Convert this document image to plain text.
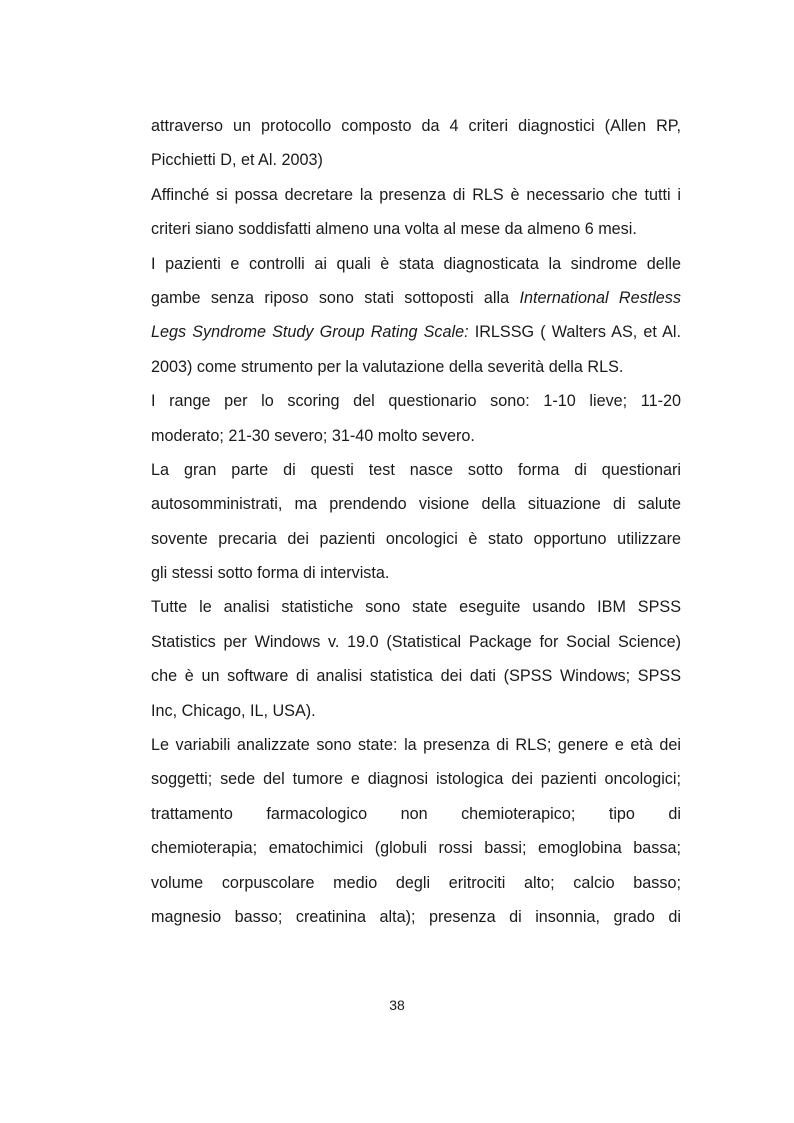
attraverso un protocollo composto da 4 criteri diagnostici (Allen RP,
Picchietti D, et Al. 2003)

Affinché si possa decretare la presenza di RLS è necessario che tutti i
criteri siano soddisfatti almeno una volta al mese da almeno 6 mesi.

I pazienti e controlli ai quali è stata diagnosticata la sindrome delle
gambe senza riposo sono stati sottoposti alla International Restless
Legs Syndrome Study Group Rating Scale: IRLSSG ( Walters AS, et Al.
2003) come strumento per la valutazione della severità della RLS.

I range per lo scoring del questionario sono: 1-10 lieve; 11-20
moderato; 21-30 severo; 31-40 molto severo.

La gran parte di questi test nasce sotto forma di questionari
autosomministrati, ma prendendo visione della situazione di salute
sovente precaria dei pazienti oncologici è stato opportuno utilizzare
gli stessi sotto forma di intervista.

Tutte le analisi statistiche sono state eseguite usando IBM SPSS
Statistics per Windows v. 19.0 (Statistical Package for Social Science)
che è un software di analisi statistica dei dati (SPSS Windows; SPSS
Inc, Chicago, IL, USA).

Le variabili analizzate sono state: la presenza di RLS; genere e età dei
soggetti; sede del tumore e diagnosi istologica dei pazienti oncologici;
trattamento farmacologico non chemioterapico; tipo di
chemioterapia; ematochimici (globuli rossi bassi; emoglobina bassa;
volume corpuscolare medio degli eritrociti alto; calcio basso;
magnesio basso; creatinina alta); presenza di insonnia, grado di

38
